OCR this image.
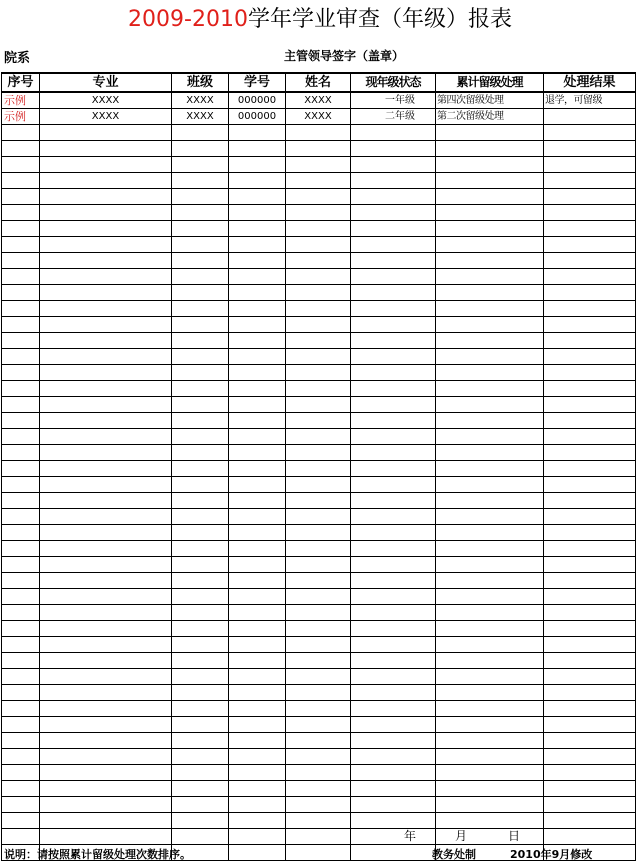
2009-2010学年学业审查（年级）报表
院系	主管领导签字（盖章）
序号	专业	班级	学号	姓名	现年级状态	累计留级处理	处理结果
示例	XXXX	XXXX	000000	XXXX	一年级	第四次留级处理	退学，可留级
示例	XXXX	XXXX	000000	XXXX	二年级	第二次留级处理	

年	月	日
说明：请按照累计留级处理次数排序。	教务处制	2010年9月修改
